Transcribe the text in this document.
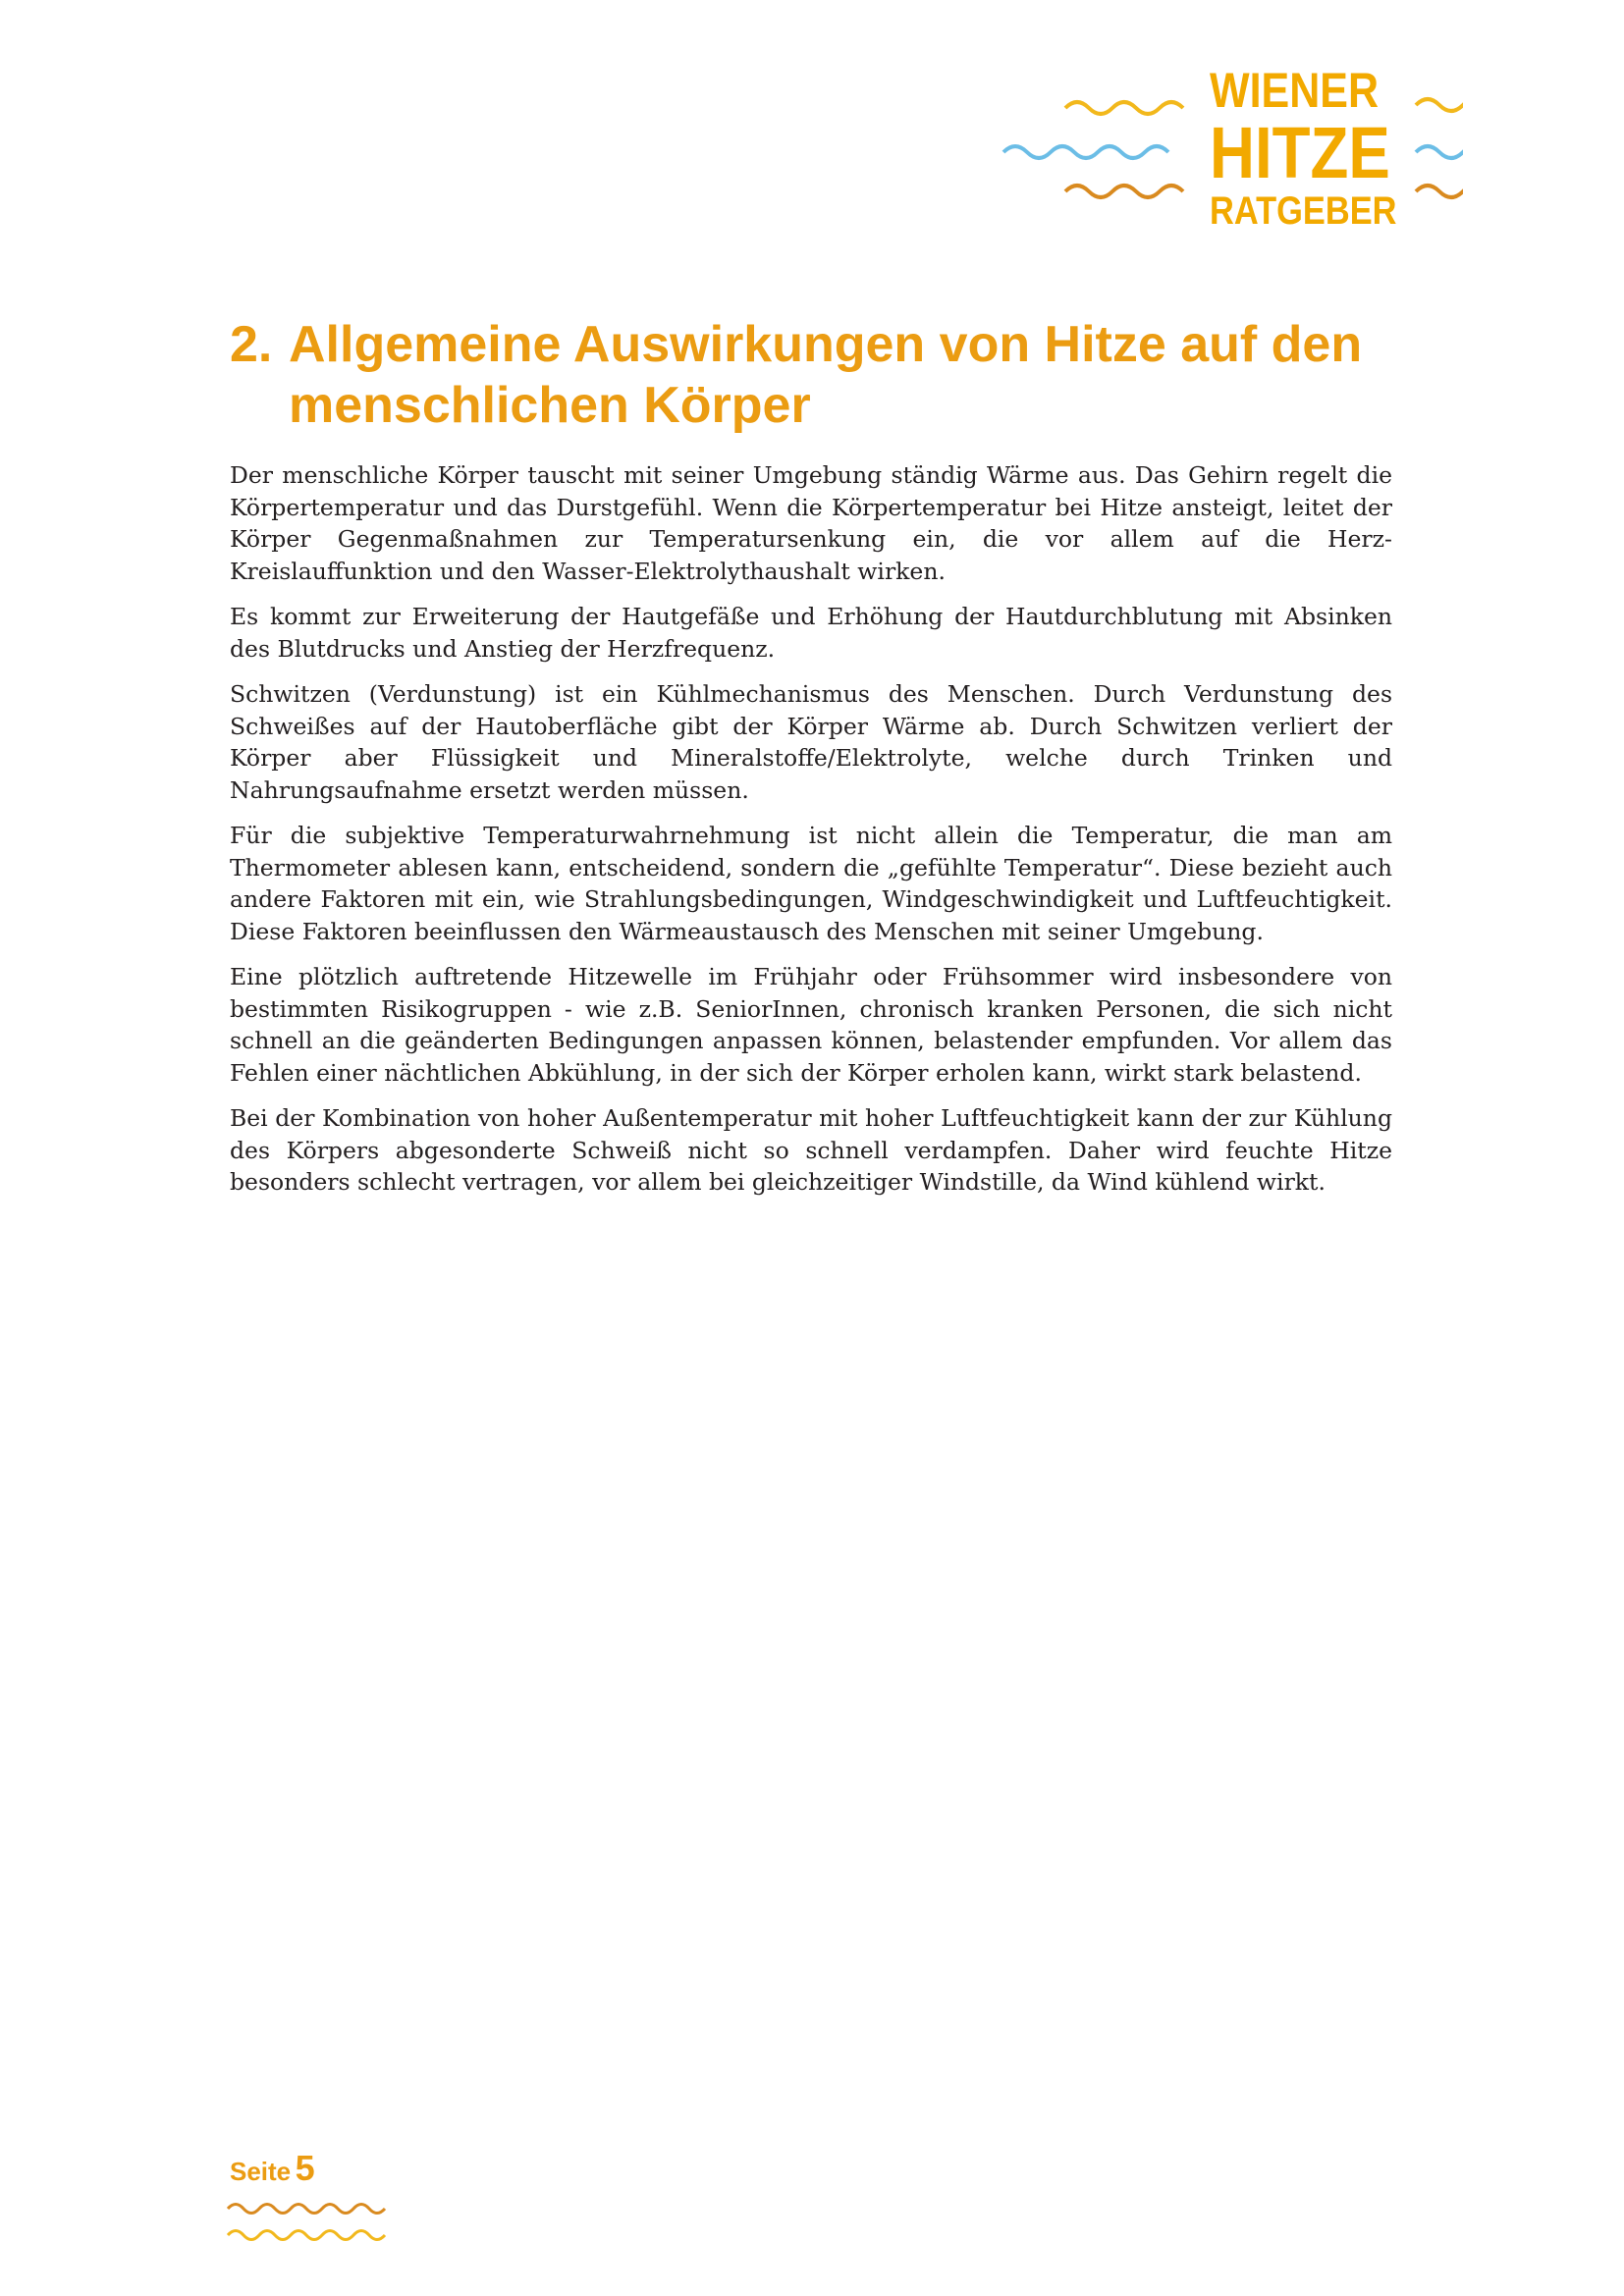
WIENER
HITZE
RATGEBER
2. Allgemeine Auswirkungen von Hitze auf den
menschlichen Körper

Der menschliche Körper tauscht mit seiner Umgebung ständig Wärme aus. Das Gehirn regelt die Körpertemperatur und das Durstgefühl. Wenn die Körpertemperatur bei Hitze ansteigt, leitet der Körper Gegenmaßnahmen zur Temperatursenkung ein, die vor allem auf die Herz-Kreislauffunktion und den Wasser-Elektrolythaushalt wirken.

Es kommt zur Erweiterung der Hautgefäße und Erhöhung der Hautdurchblutung mit Absinken des Blutdrucks und Anstieg der Herzfrequenz.

Schwitzen (Verdunstung) ist ein Kühlmechanismus des Menschen. Durch Verdunstung des Schweißes auf der Hautoberfläche gibt der Körper Wärme ab. Durch Schwitzen verliert der Körper aber Flüssigkeit und Mineralstoffe/Elektrolyte, welche durch Trinken und Nahrungsaufnahme ersetzt werden müssen.

Für die subjektive Temperaturwahrnehmung ist nicht allein die Temperatur, die man am Thermometer ablesen kann, entscheidend, sondern die „gefühlte Temperatur“. Diese bezieht auch andere Faktoren mit ein, wie Strahlungsbedingungen, Windgeschwindigkeit und Luftfeuchtigkeit. Diese Faktoren beeinflussen den Wärmeaustausch des Menschen mit seiner Umgebung.

Eine plötzlich auftretende Hitzewelle im Frühjahr oder Frühsommer wird insbesondere von bestimmten Risikogruppen - wie z.B. SeniorInnen, chronisch kranken Personen, die sich nicht schnell an die geänderten Bedingungen anpassen können, belastender empfunden. Vor allem das Fehlen einer nächtlichen Abkühlung, in der sich der Körper erholen kann, wirkt stark belastend.

Bei der Kombination von hoher Außentemperatur mit hoher Luftfeuchtigkeit kann der zur Kühlung des Körpers abgesonderte Schweiß nicht so schnell verdampfen. Daher wird feuchte Hitze besonders schlecht vertragen, vor allem bei gleichzeitiger Windstille, da Wind kühlend wirkt.

Seite 5
